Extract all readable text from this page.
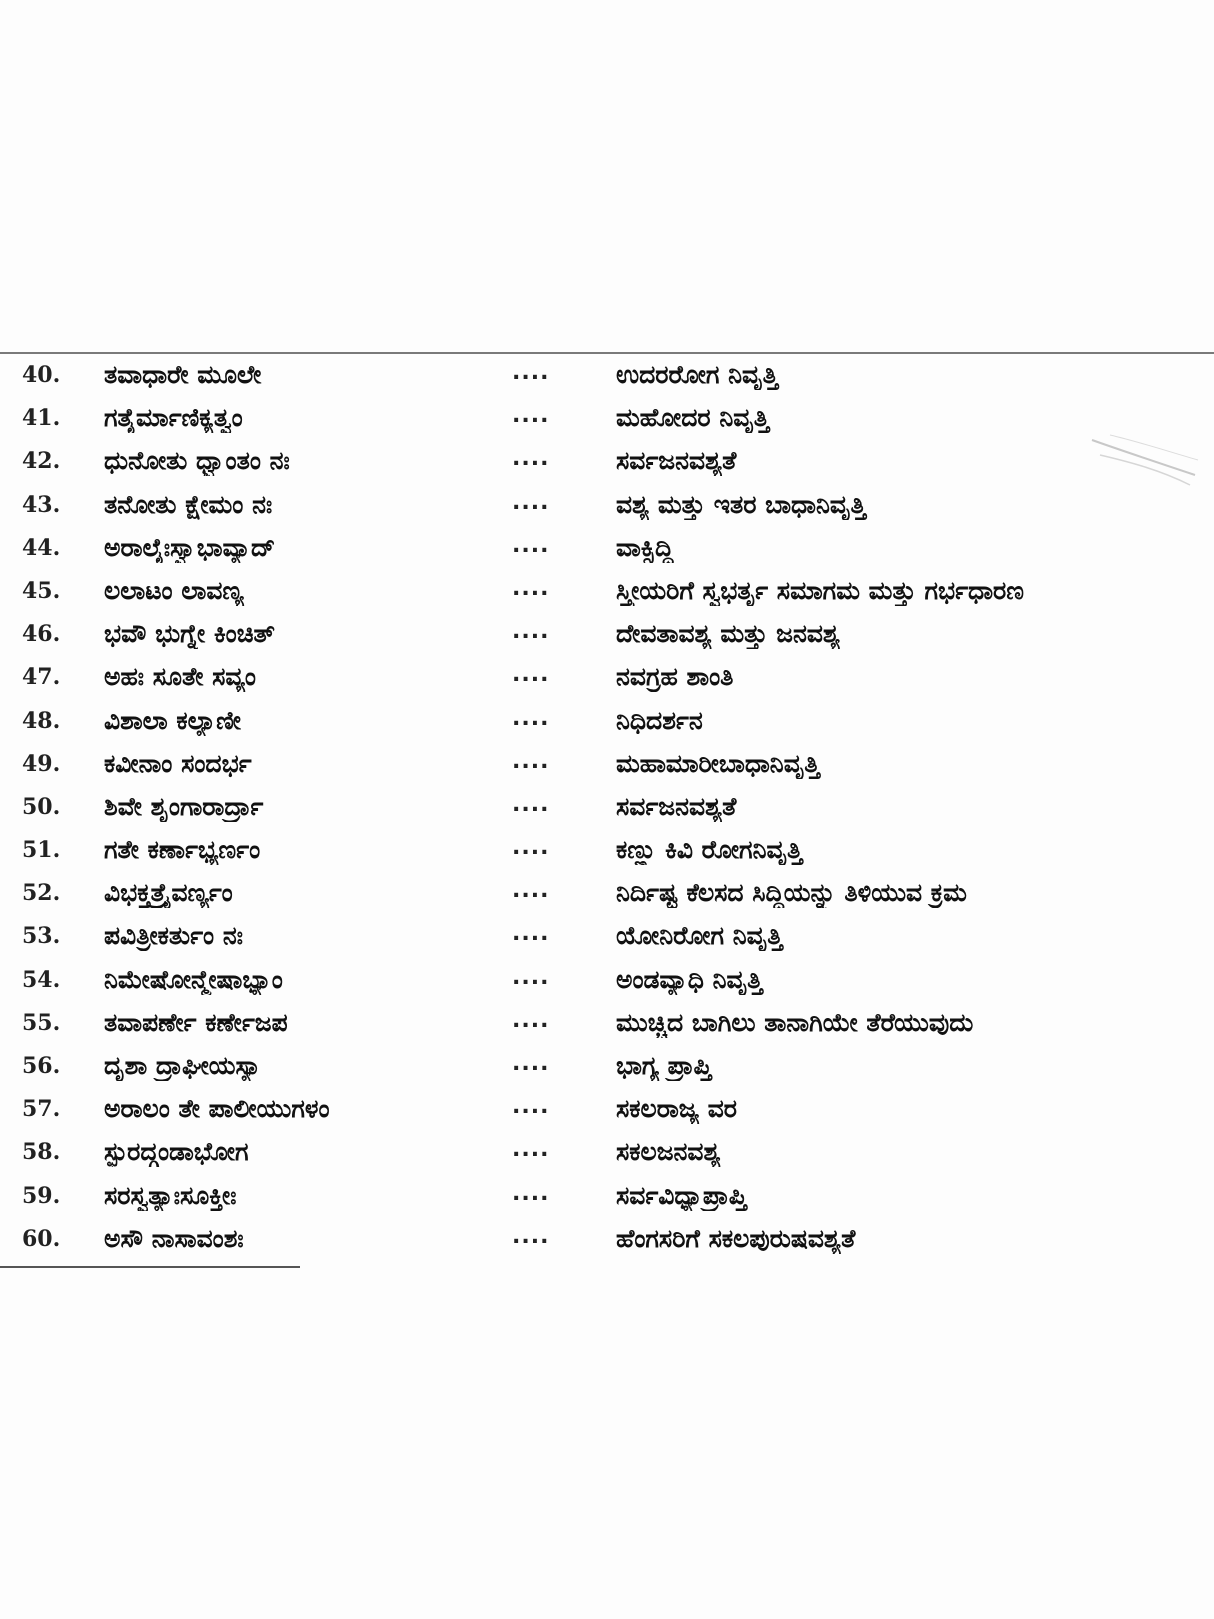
40.	ತವಾಧಾರೇ ಮೂಲೇ	....	ಉದರರೋಗ ನಿವೃತ್ತಿ
41.	ಗತೈರ್ಮಾಣಿಕ್ಯತ್ವಂ	....	ಮಹೋದರ ನಿವೃತ್ತಿ
42.	ಧುನೋತು ಧ್ವಾಂತಂ ನಃ	....	ಸರ್ವಜನವಶ್ಯತೆ
43.	ತನೋತು ಕ್ಷೇಮಂ ನಃ	....	ವಶ್ಯ ಮತ್ತು ಇತರ ಬಾಧಾನಿವೃತ್ತಿ
44.	ಅರಾಲೈಃಸ್ವಾಭಾವ್ಯಾದ್	....	ವಾಕ್ಸಿದ್ಧಿ
45.	ಲಲಾಟಂ ಲಾವಣ್ಯ	....	ಸ್ತ್ರೀಯರಿಗೆ ಸ್ವಭರ್ತೃ ಸಮಾಗಮ ಮತ್ತು ಗರ್ಭಧಾರಣ
46.	ಭವೌ ಭುಗ್ನೇ ಕಿಂಚಿತ್	....	ದೇವತಾವಶ್ಯ ಮತ್ತು ಜನವಶ್ಯ
47.	ಅಹಃ ಸೂತೇ ಸವ್ಯಂ	....	ನವಗ್ರಹ ಶಾಂತಿ
48.	ವಿಶಾಲಾ ಕಲ್ಯಾಣೀ	....	ನಿಧಿದರ್ಶನ
49.	ಕವೀನಾಂ ಸಂದರ್ಭ	....	ಮಹಾಮಾರೀಬಾಧಾನಿವೃತ್ತಿ
50.	ಶಿವೇ ಶೃಂಗಾರಾರ್ದ್ರಾ	....	ಸರ್ವಜನವಶ್ಯತೆ
51.	ಗತೇ ಕರ್ಣಾಭ್ಯರ್ಣಂ	....	ಕಣ್ಣು ಕಿವಿ ರೋಗನಿವೃತ್ತಿ
52.	ವಿಭಕ್ತತ್ರೈವರ್ಣ್ಯಂ	....	ನಿರ್ದಿಷ್ಟ ಕೆಲಸದ ಸಿದ್ಧಿಯನ್ನು ತಿಳಿಯುವ ಕ್ರಮ
53.	ಪವಿತ್ರೀಕರ್ತುಂ ನಃ	....	ಯೋನಿರೋಗ ನಿವೃತ್ತಿ
54.	ನಿಮೇಷೋನ್ಮೇಷಾಭ್ಯಾಂ	....	ಅಂಡವ್ಯಾಧಿ ನಿವೃತ್ತಿ
55.	ತವಾಪರ್ಣೇ ಕರ್ಣೇಜಪ	....	ಮುಚ್ಚಿದ ಬಾಗಿಲು ತಾನಾಗಿಯೇ ತೆರೆಯುವುದು
56.	ದೃಶಾ ದ್ರಾಘೀಯಸ್ಯಾ	....	ಭಾಗ್ಯ ಪ್ರಾಪ್ತಿ
57.	ಅರಾಲಂ ತೇ ಪಾಲೀಯುಗಳಂ	....	ಸಕಲರಾಜ್ಯ ವರ
58.	ಸ್ಫುರದ್ಗಂಡಾಭೋಗ	....	ಸಕಲಜನವಶ್ಯ
59.	ಸರಸ್ವತ್ಯಾಃಸೂಕ್ತೀಃ	....	ಸರ್ವವಿಧ್ಯಾಪ್ರಾಪ್ತಿ
60.	ಅಸೌ ನಾಸಾವಂಶಃ	....	ಹೆಂಗಸರಿಗೆ ಸಕಲಪುರುಷವಶ್ಯತೆ
